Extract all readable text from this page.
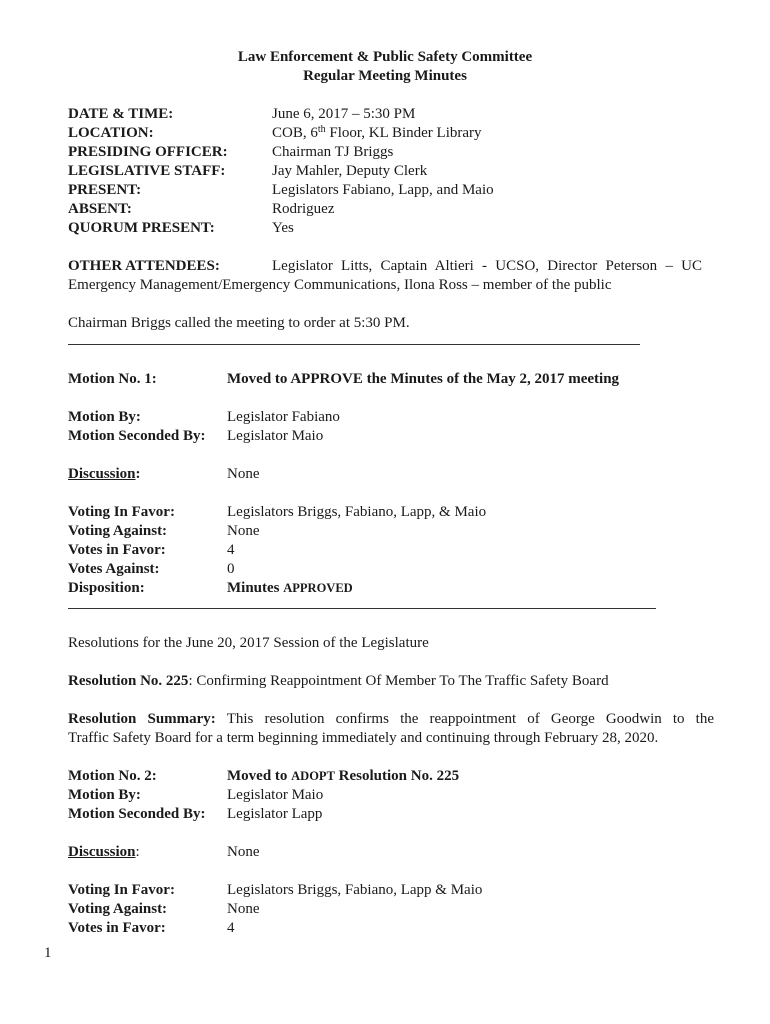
Law Enforcement & Public Safety Committee
Regular Meeting Minutes
DATE & TIME:	June 6, 2017 – 5:30 PM
LOCATION:	COB, 6th Floor, KL Binder Library
PRESIDING OFFICER:	Chairman TJ Briggs
LEGISLATIVE STAFF:	Jay Mahler, Deputy Clerk
PRESENT:	Legislators Fabiano, Lapp, and Maio
ABSENT:	Rodriguez
QUORUM PRESENT:	Yes
OTHER ATTENDEES:	Legislator Litts, Captain Altieri - UCSO, Director Peterson – UC
Emergency Management/Emergency Communications, Ilona Ross – member of the public
Chairman Briggs called the meeting to order at 5:30 PM.
Motion No. 1:	Moved to APPROVE the Minutes of the May 2, 2017 meeting
Motion By:	Legislator Fabiano
Motion Seconded By: Legislator Maio
Discussion:	None
Voting In Favor:	Legislators Briggs, Fabiano, Lapp, & Maio
Voting Against:	None
Votes in Favor:	4
Votes Against:	0
Disposition:	Minutes APPROVED
Resolutions for the June 20, 2017 Session of the Legislature
Resolution No. 225: Confirming Reappointment Of Member To The Traffic Safety Board
Resolution Summary: This resolution confirms the reappointment of George Goodwin to the
Traffic Safety Board for a term beginning immediately and continuing through February 28, 2020.
Motion No. 2:	Moved to ADOPT Resolution No. 225
Motion By:	Legislator Maio
Motion Seconded By: Legislator Lapp
Discussion:	None
Voting In Favor:	Legislators Briggs, Fabiano, Lapp & Maio
Voting Against:	None
Votes in Favor:	4
1
